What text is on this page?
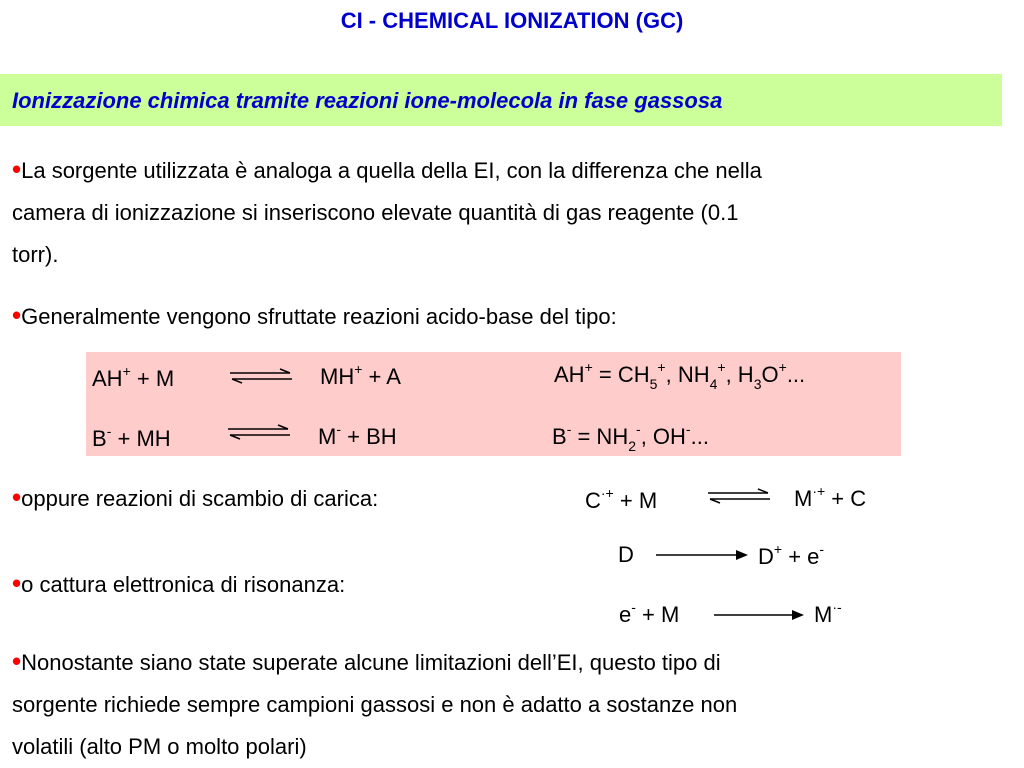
CI - CHEMICAL IONIZATION (GC)
Ionizzazione chimica tramite reazioni ione-molecola in fase gassosa
•La sorgente utilizzata è analoga a quella della EI, con la differenza che nella
camera di ionizzazione si inseriscono elevate quantità di gas reagente (0.1
torr).
•Generalmente vengono sfruttate reazioni acido-base del tipo:
AH+ + M	MH+ + A	$AH^+ = CH_5^+$, $NH_4^+$, $H_3O^+$...
B- + MH	M- + BH	$B^- = NH_2^-$, OH-...
•oppure reazioni di scambio di carica:	C·+ + M	M·+ + C
D	D+ + e-
•o cattura elettronica di risonanza:
e- + M	M·-
•Nonostante siano state superate alcune limitazioni dell’EI, questo tipo di
sorgente richiede sempre campioni gassosi e non è adatto a sostanze non
volatili (alto PM o molto polari)
